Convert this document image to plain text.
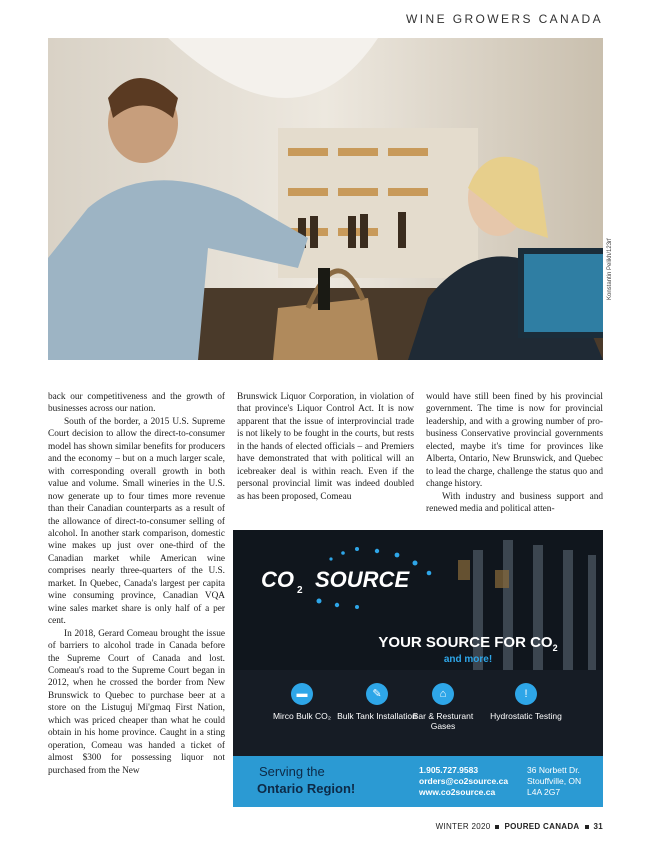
WINE GROWERS CANADA
Konstantin Pelikh/123rf

back our competitiveness and the growth of businesses across our nation.

South of the border, a 2015 U.S. Supreme Court decision to allow the direct-to-consumer model has shown similar benefits for producers and the economy – but on a much larger scale, with corresponding overall growth in both value and volume. Small wineries in the U.S. now generate up to four times more revenue than their Canadian counterparts as a result of the allowance of direct-to-consumer selling of alcohol. In another stark comparison, domestic wine makes up just over one-third of the Canadian market while American wine comprises nearly three-quarters of the U.S. market. In Quebec, Canada's largest per capita wine consuming province, Canadian VQA wine sales market share is only half of a per cent.

In 2018, Gerard Comeau brought the issue of barriers to alcohol trade in Canada before the Supreme Court of Canada and lost. Comeau's road to the Supreme Court began in 2012, when he crossed the border from New Brunswick to Quebec to purchase beer at a store on the Listuguj Mi'gmaq First Nation, which was priced cheaper than what he could obtain in his home province. Caught in a sting operation, Comeau was handed a ticket of almost $300 for possessing liquor not purchased from the New

Brunswick Liquor Corporation, in violation of that province's Liquor Control Act. It is now apparent that the issue of interprovincial trade is not likely to be fought in the courts, but rests in the hands of elected officials – and Premiers have demonstrated that with political will an icebreaker deal is within reach. Even if the personal provincial limit was indeed doubled as has been proposed, Comeau

would have still been fined by his provincial government. The time is now for provincial leadership, and with a growing number of pro-business Conservative provincial governments elected, maybe it's time for provinces like Alberta, Ontario, New Brunswick, and Quebec to lead the charge, challenge the status quo and change history.

With industry and business support and renewed media and political atten-

CO 2 SOURCE
YOUR SOURCE FOR $CO_2$
and more!
▬
Mirco Bulk CO₂
✎
Bulk Tank Installation
⌂
Bar & Resturant Gases
!
Hydrostatic Testing
Serving the
Ontario Region!
1.905.727.9583
orders@co2source.ca
www.co2source.ca
36 Norbett Dr.
Stouffville, ON
L4A 2G7
WINTER 2020 POURED CANADA 31
